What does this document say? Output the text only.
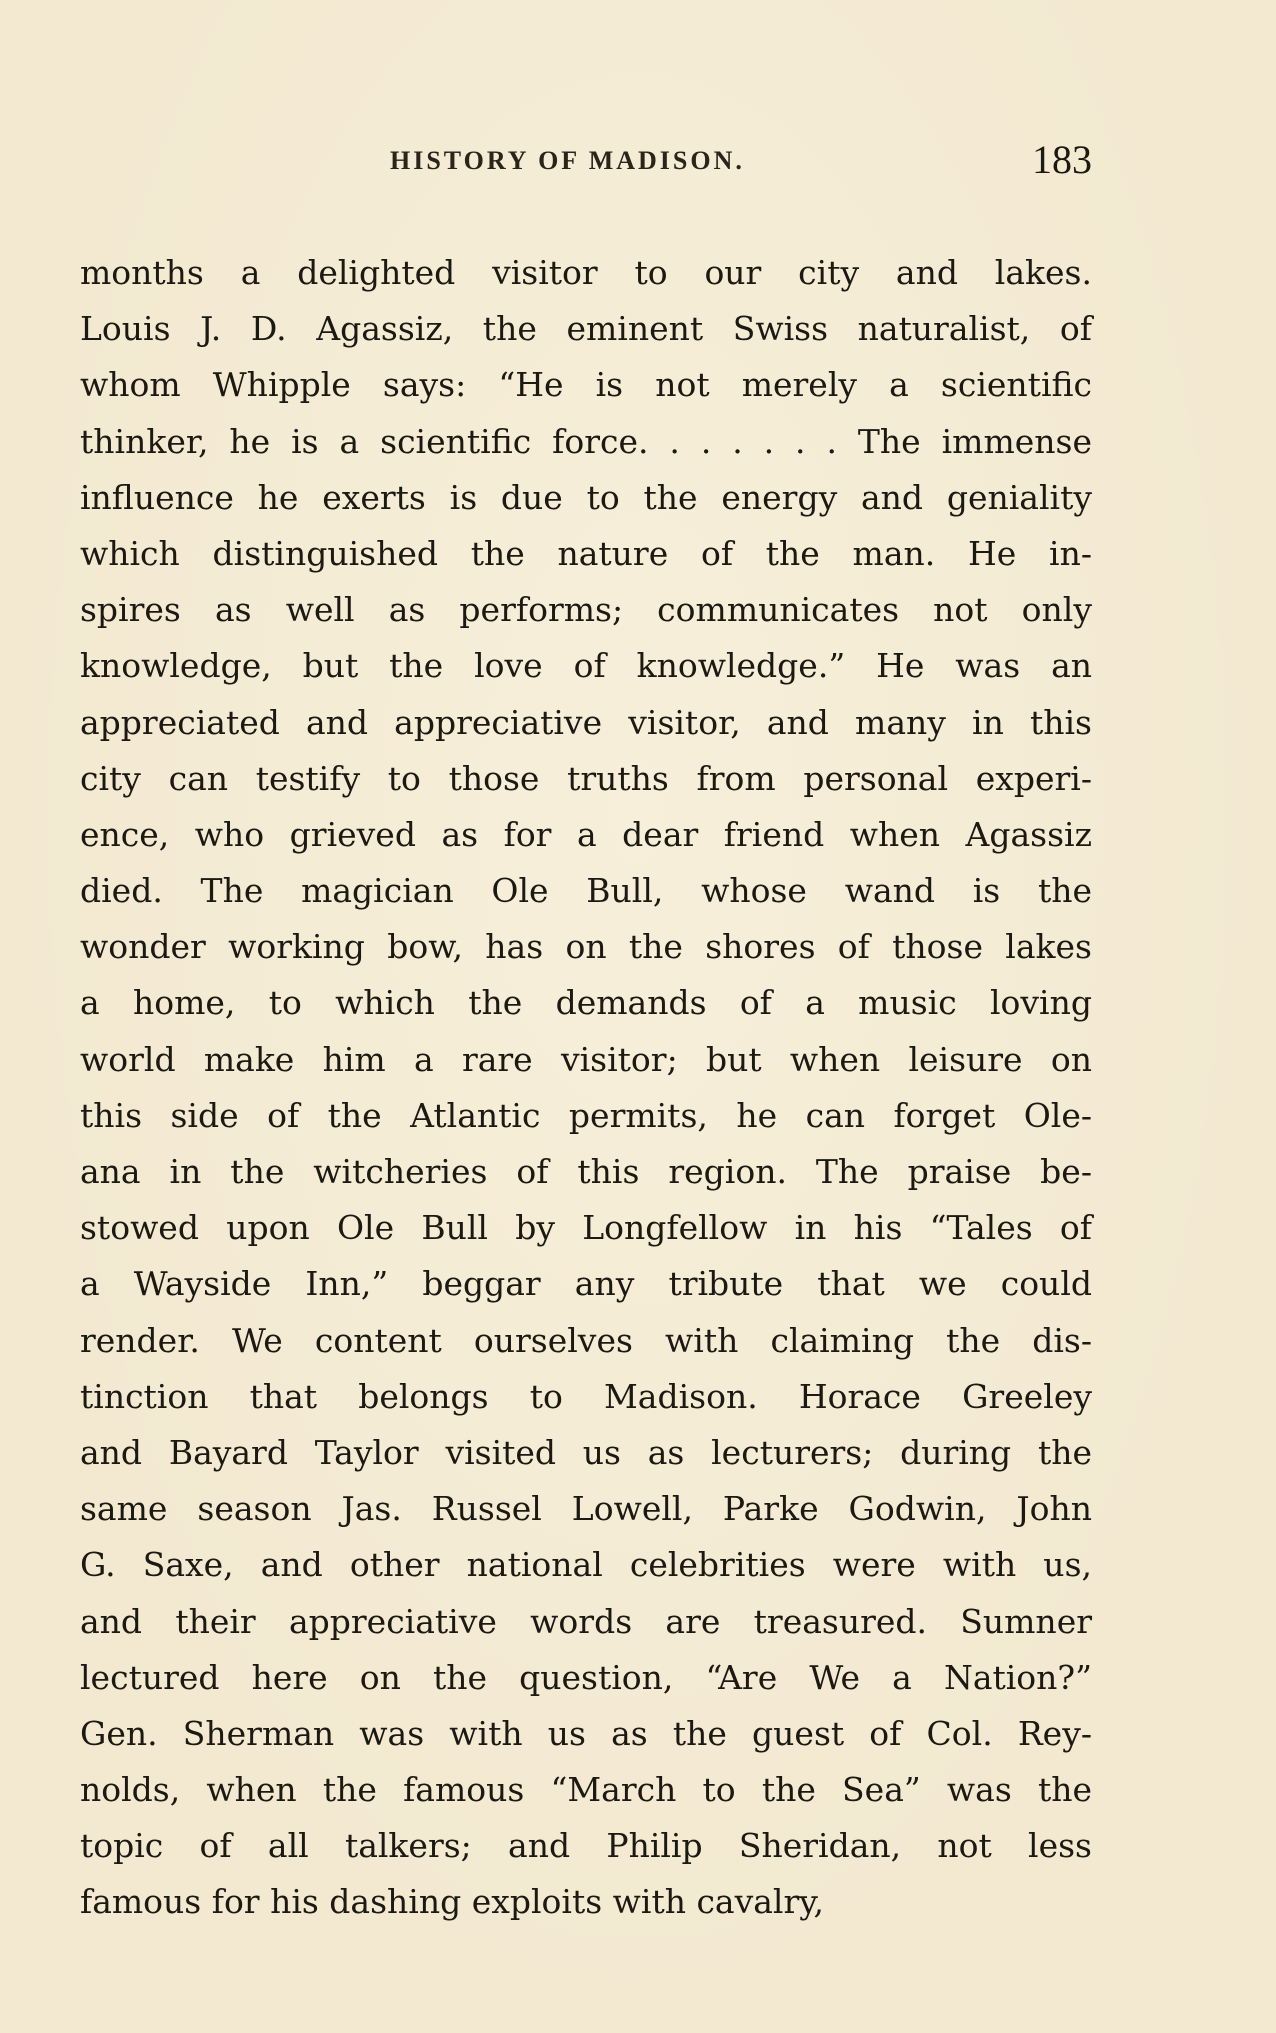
HISTORY OF MADISON.	183
months a delighted visitor to our city and lakes.
Louis J. D. Agassiz, the eminent Swiss naturalist, of
whom Whipple says: “He is not merely a scientific
thinker, he is a scientific force. . . . . . . The immense
influence he exerts is due to the energy and geniality
which distinguished the nature of the man. He in-
spires as well as performs; communicates not only
knowledge, but the love of knowledge.” He was an
appreciated and appreciative visitor, and many in this
city can testify to those truths from personal experi-
ence, who grieved as for a dear friend when Agassiz
died. The magician Ole Bull, whose wand is the
wonder working bow, has on the shores of those lakes
a home, to which the demands of a music loving
world make him a rare visitor; but when leisure on
this side of the Atlantic permits, he can forget Ole-
ana in the witcheries of this region. The praise be-
stowed upon Ole Bull by Longfellow in his “Tales of
a Wayside Inn,” beggar any tribute that we could
render. We content ourselves with claiming the dis-
tinction that belongs to Madison. Horace Greeley
and Bayard Taylor visited us as lecturers; during the
same season Jas. Russel Lowell, Parke Godwin, John
G. Saxe, and other national celebrities were with us,
and their appreciative words are treasured. Sumner
lectured here on the question, “Are We a Nation?”
Gen. Sherman was with us as the guest of Col. Rey-
nolds, when the famous “March to the Sea” was the
topic of all talkers; and Philip Sheridan, not less
famous for his dashing exploits with cavalry,
